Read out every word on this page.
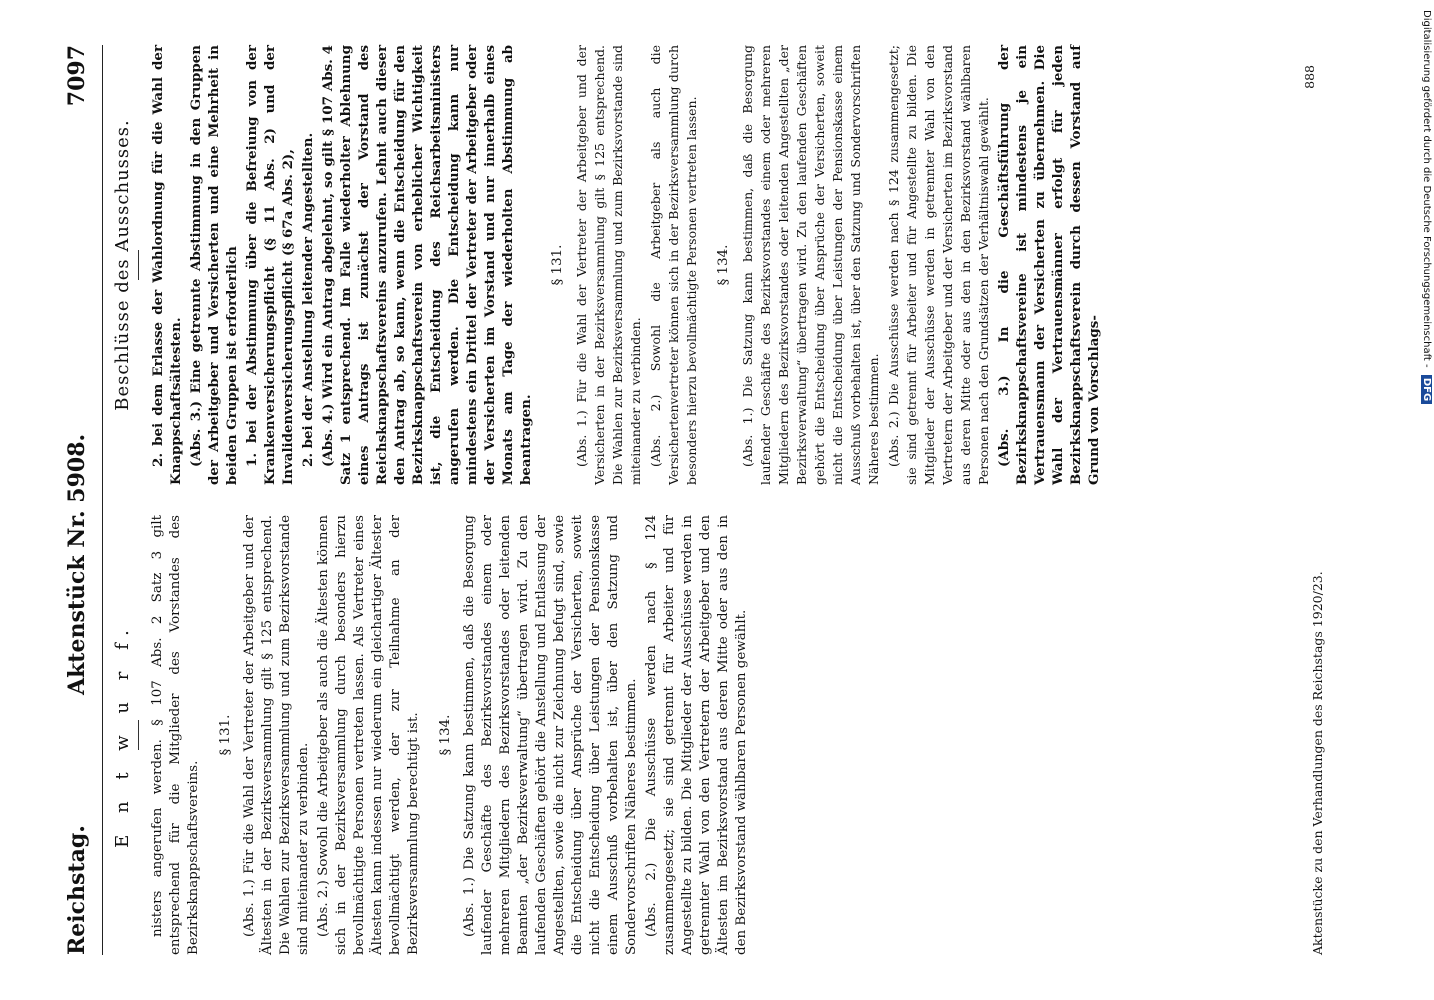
Reichstag.
Aktenstück Nr. 5908.
7097
E n t w u r f. nisters angerufen werden. § 107 Abs. 2 Satz 3 gilt entsprechend für die Mitglieder des Vorstandes des Bezirksknappschaftsvereins.

§ 131. (Abs. 1.) Für die Wahl der Vertreter der Arbeitgeber und der Ältesten in der Bezirksversammlung gilt § 125 entsprechend. Die Wahlen zur Bezirksversammlung und zum Bezirksvorstande sind miteinander zu verbinden. (Abs. 2.) Sowohl die Arbeitgeber als auch die Ältesten können sich in der Bezirksversammlung durch besonders hierzu bevollmächtigte Personen vertreten lassen. Als Vertreter eines Ältesten kann indessen nur wiederum ein gleichartiger Ältester bevollmächtigt werden, der zur Teilnahme an der Bezirksversammlung berechtigt ist. § 134. (Abs. 1.) Die Satzung kann bestimmen, daß die Besorgung laufender Geschäfte des Bezirksvorstandes einem oder mehreren Mitgliedern des Bezirksvorstandes oder leitenden Beamten „der Bezirksverwaltung“ übertragen wird. Zu den laufenden Geschäften gehört die Anstellung und Entlassung der Angestellten, sowie die nicht zur Zeichnung befugt sind, sowie die Entscheidung über Ansprüche der Versicherten, soweit nicht die Entscheidung über Leistungen der Pensionskasse einem Ausschuß vorbehalten ist, über den Satzung und Sondervorschriften Näheres bestimmen. (Abs. 2.) Die Ausschüsse werden nach § 124 zusammengesetzt; sie sind getrennt für Arbeiter und für Angestellte zu bilden. Die Mitglieder der Ausschüsse werden in getrennter Wahl von den Vertretern der Arbeitgeber und den Ältesten im Bezirksvorstand aus deren Mitte oder aus den in den Bezirksvorstand wählbaren Personen gewählt.

Beschlüsse des Ausschusses. 2. bei dem Erlasse der Wahlordnung für die Wahl der Knappschaftsältesten. (Abs. 3.) Eine getrennte Abstimmung in den Gruppen der Arbeitgeber und Versicherten und eine Mehrheit in beiden Gruppen ist erforderlich 1. bei der Abstimmung über die Befreiung von der Krankenversicherungspflicht (§ 11 Abs. 2) und der Invalidenversicherungspflicht (§ 67a Abs. 2), 2. bei der Anstellung leitender Angestellten. (Abs. 4.) Wird ein Antrag abgelehnt, so gilt § 107 Abs. 4 Satz 1 entsprechend. Im Falle wiederholter Ablehnung eines Antrags ist zunächst der Vorstand des Reichsknappschaftsvereins anzurufen. Lehnt auch dieser den Antrag ab, so kann, wenn die Entscheidung für den Bezirksknappschaftsverein von erheblicher Wichtigkeit ist, die Entscheidung des Reichsarbeitsministers angerufen werden. Die Entscheidung kann nur mindestens ein Drittel der Vertreter der Arbeitgeber oder der Versicherten im Vorstand und nur innerhalb eines Monats am Tage der wiederholten Abstimmung ab beantragen.

§ 131. (Abs. 1.) Für die Wahl der Vertreter der Arbeitgeber und der Versicherten in der Bezirksversammlung gilt § 125 entsprechend. Die Wahlen zur Bezirksversammlung und zum Bezirksvorstande sind miteinander zu verbinden. (Abs. 2.) Sowohl die Arbeitgeber als auch die Versichertenvertreter können sich in der Bezirksversammlung durch besonders hierzu bevollmächtigte Personen vertreten lassen. § 134. (Abs. 1.) Die Satzung kann bestimmen, daß die Besorgung laufender Geschäfte des Bezirksvorstandes einem oder mehreren Mitgliedern des Bezirksvorstandes oder leitenden Angestellten „der Bezirksverwaltung“ übertragen wird. Zu den laufenden Geschäften gehört die Entscheidung über Ansprüche der Versicherten, soweit nicht die Entscheidung über Leistungen der Pensionskasse einem Ausschuß vorbehalten ist, über den Satzung und Sondervorschriften Näheres bestimmen. (Abs. 2.) Die Ausschüsse werden nach § 124 zusammengesetzt; sie sind getrennt für Arbeiter und für Angestellte zu bilden. Die Mitglieder der Ausschüsse werden in getrennter Wahl von den Vertretern der Arbeitgeber und der Versicherten im Bezirksvorstand aus deren Mitte oder aus den in den Bezirksvorstand wählbaren Personen nach den Grundsätzen der Verhältniswahl gewählt. (Abs. 3.) In die Geschäftsführung der Bezirksknappschaftsvereine ist mindestens je ein Vertrauensmann der Versicherten zu übernehmen. Die Wahl der Vertrauensmänner erfolgt für jeden Bezirksknappschaftsverein durch dessen Vorstand auf Grund von Vorschlags-

Aktenstücke zu den Verhandlungen des Reichstags 1920/23.
888	Digitalisierung gefördert durch die Deutsche Forschungsgemeinschaft - DFG
